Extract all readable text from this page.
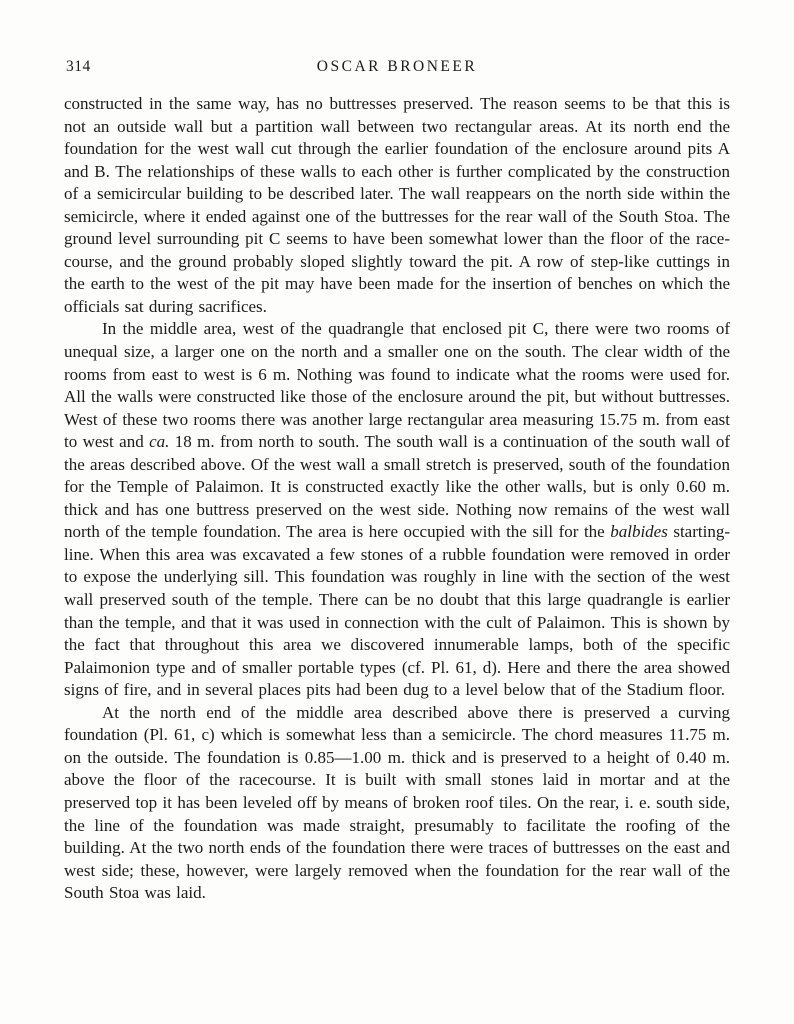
314	OSCAR BRONEER

constructed in the same way, has no buttresses preserved. The reason seems to be that this is not an outside wall but a partition wall between two rectangular areas. At its north end the foundation for the west wall cut through the earlier foundation of the enclosure around pits A and B. The relationships of these walls to each other is further complicated by the construction of a semicircular building to be described later. The wall reappears on the north side within the semicircle, where it ended against one of the buttresses for the rear wall of the South Stoa. The ground level surrounding pit C seems to have been somewhat lower than the floor of the race-course, and the ground probably sloped slightly toward the pit. A row of step-like cuttings in the earth to the west of the pit may have been made for the insertion of benches on which the officials sat during sacrifices.

In the middle area, west of the quadrangle that enclosed pit C, there were two rooms of unequal size, a larger one on the north and a smaller one on the south. The clear width of the rooms from east to west is 6 m. Nothing was found to indicate what the rooms were used for. All the walls were constructed like those of the enclosure around the pit, but without buttresses. West of these two rooms there was another large rectangular area measuring 15.75 m. from east to west and ca. 18 m. from north to south. The south wall is a continuation of the south wall of the areas described above. Of the west wall a small stretch is preserved, south of the foundation for the Temple of Palaimon. It is constructed exactly like the other walls, but is only 0.60 m. thick and has one buttress preserved on the west side. Nothing now remains of the west wall north of the temple foundation. The area is here occupied with the sill for the balbides starting-line. When this area was excavated a few stones of a rubble foundation were removed in order to expose the underlying sill. This foundation was roughly in line with the section of the west wall preserved south of the temple. There can be no doubt that this large quadrangle is earlier than the temple, and that it was used in connection with the cult of Palaimon. This is shown by the fact that throughout this area we discovered innumerable lamps, both of the specific Palaimonion type and of smaller portable types (cf. Pl. 61, d). Here and there the area showed signs of fire, and in several places pits had been dug to a level below that of the Stadium floor.

At the north end of the middle area described above there is preserved a curving foundation (Pl. 61, c) which is somewhat less than a semicircle. The chord measures 11.75 m. on the outside. The foundation is 0.85—1.00 m. thick and is preserved to a height of 0.40 m. above the floor of the racecourse. It is built with small stones laid in mortar and at the preserved top it has been leveled off by means of broken roof tiles. On the rear, i. e. south side, the line of the foundation was made straight, presumably to facilitate the roofing of the building. At the two north ends of the foundation there were traces of buttresses on the east and west side; these, however, were largely removed when the foundation for the rear wall of the South Stoa was laid.
